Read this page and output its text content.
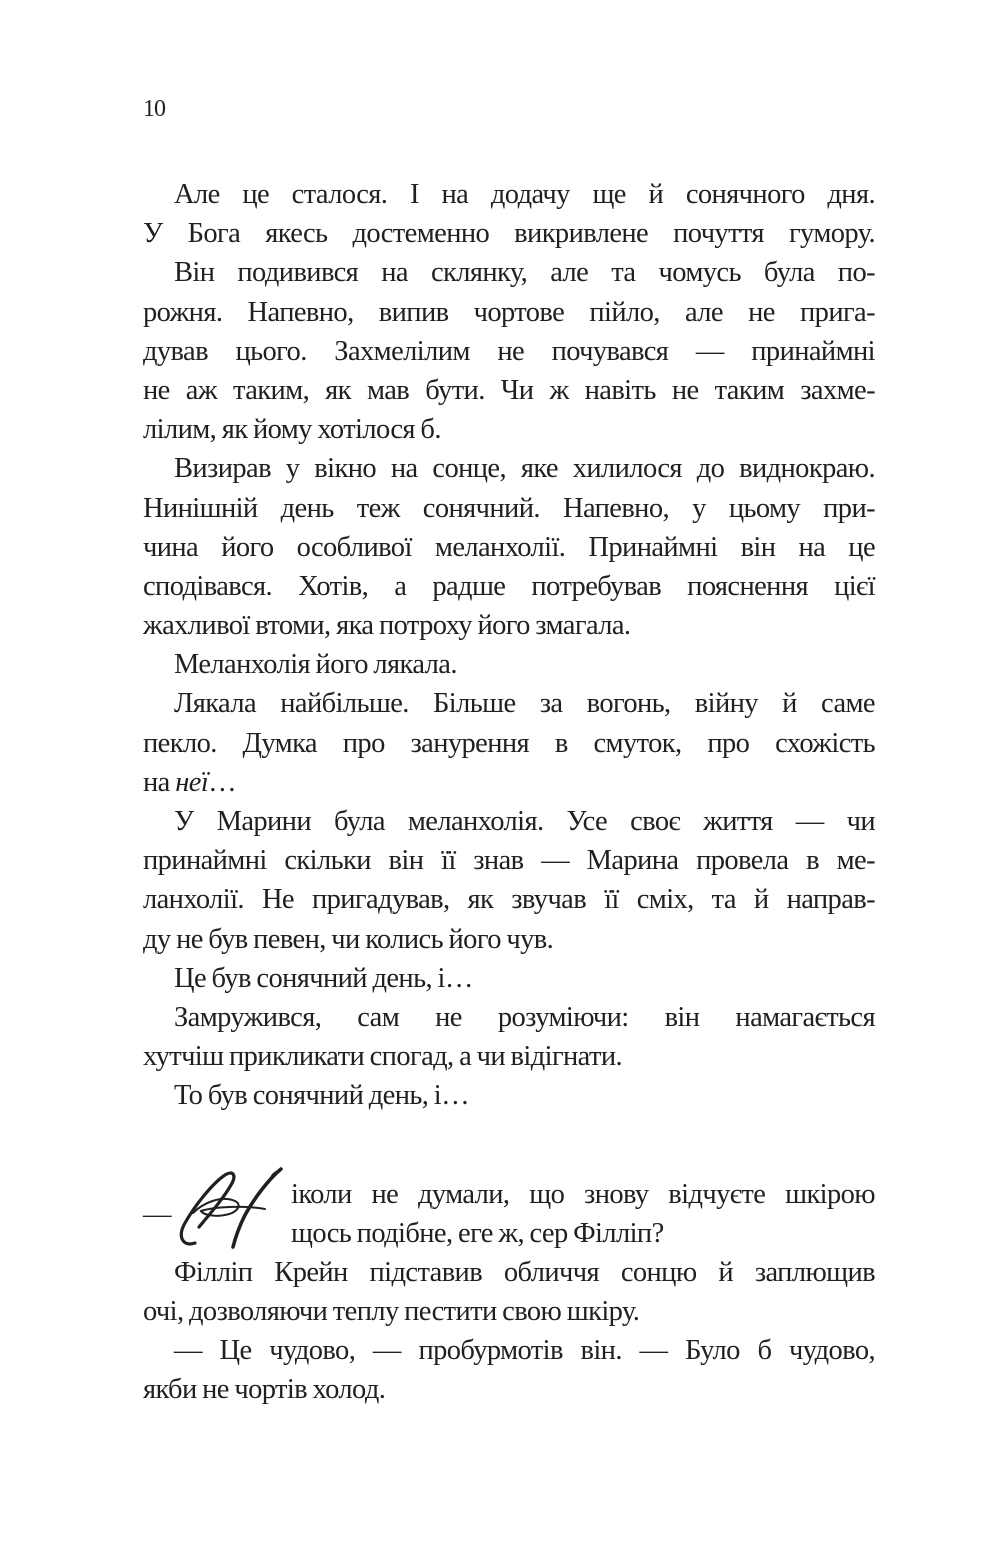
10
Але це сталося. І на додачу ще й сонячного дня.
У Бога якесь достеменно викривлене почуття гумору.
Він подивився на склянку, але та чомусь була по-
рожня. Напевно, випив чортове пійло, але не прига-
дував цього. Захмелілим не почувався — принаймні
не аж таким, як мав бути. Чи ж навіть не таким захме-
лілим, як йому хотілося б.
Визирав у вікно на сонце, яке хилилося до виднокраю.
Нинішній день теж сонячний. Напевно, у цьому при-
чина його особливої меланхолії. Принаймні він на це
сподівався. Хотів, а радше потребував пояснення цієї
жахливої втоми, яка потроху його змагала.
Меланхолія його лякала.
Лякала найбільше. Більше за вогонь, війну й саме
пекло. Думка про занурення в смуток, про схожість
на неї…
У Марини була меланхолія. Усе своє життя — чи
принаймні скільки він її знав — Марина провела в ме-
ланхолії. Не пригадував, як звучав її сміх, та й направ-
ду не був певен, чи колись його чув.
Це був сонячний день, і…
Замружився, сам не розуміючи: він намагається
хутчіш прикликати спогад, а чи відігнати.
То був сонячний день, і…
—
іколи не думали, що знову відчуєте шкірою
щось подібне, еге ж, сер Філліп?
Філліп Крейн підставив обличчя сонцю й заплющив
очі, дозволяючи теплу пестити свою шкіру.
— Це чудово, — пробурмотів він. — Було б чудово,
якби не чортів холод.
